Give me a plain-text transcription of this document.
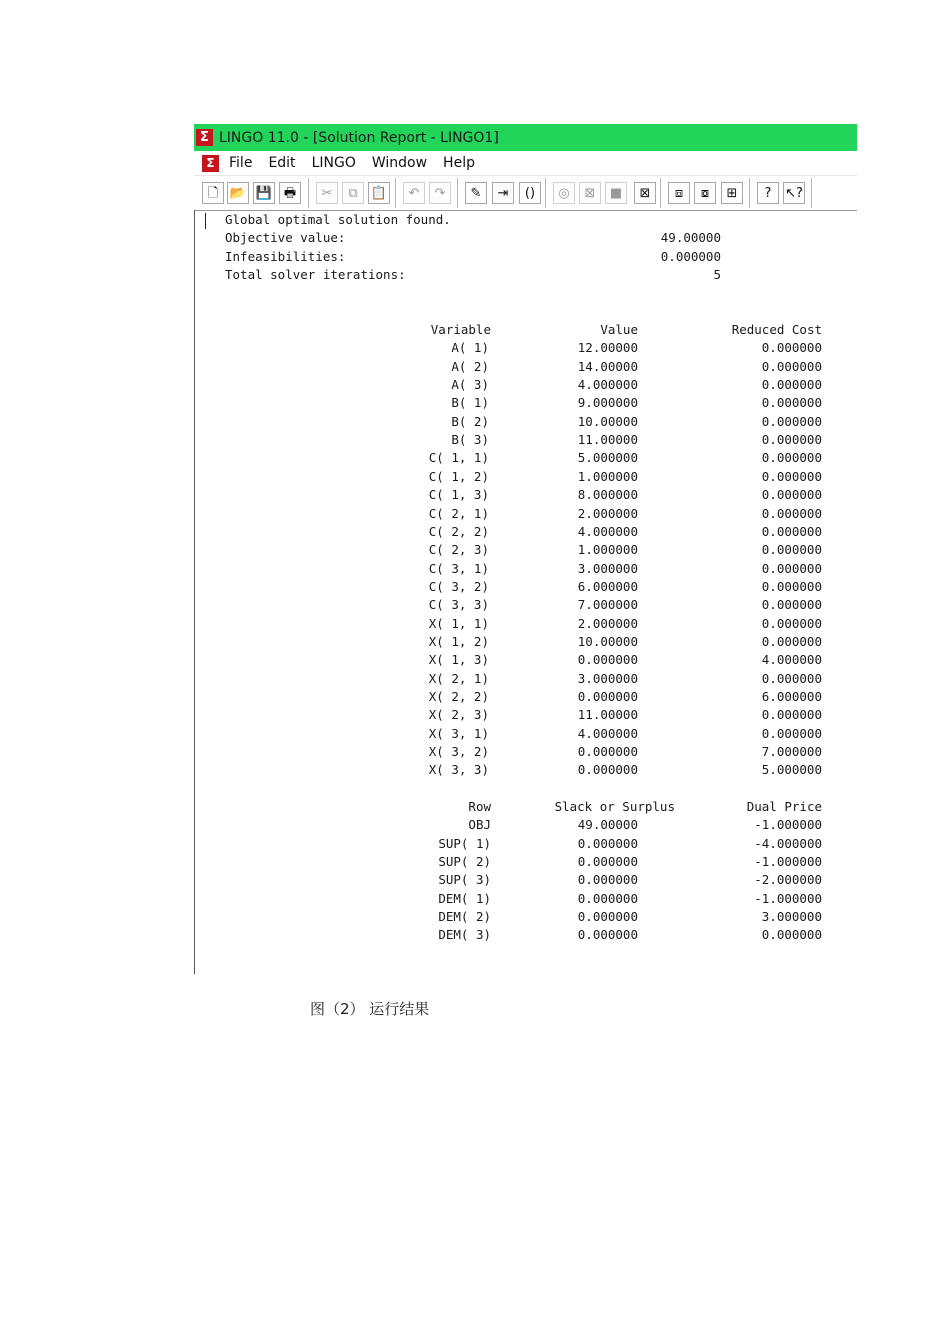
Σ LINGO 11.0 - [Solution Report - LINGO1]
Σ	File Edit LINGO Window Help
🗋 📂 💾 🖶	✂	⧉	📋	↶	↷	✎	⇥	()	◎	⊠	■	⊠	⧈	⧇	⊞	?	↖?
Global optimal solution found.
Objective value:	49.00000
Infeasibilities:	0.000000
Total solver iterations:	5
Variable	Value	Reduced Cost
A( 1)	12.00000	0.000000
A( 2)	14.00000	0.000000
A( 3)	4.000000	0.000000
B( 1)	9.000000	0.000000
B( 2)	10.00000	0.000000
B( 3)	11.00000	0.000000
C( 1, 1)	5.000000	0.000000
C( 1, 2)	1.000000	0.000000
C( 1, 3)	8.000000	0.000000
C( 2, 1)	2.000000	0.000000
C( 2, 2)	4.000000	0.000000
C( 2, 3)	1.000000	0.000000
C( 3, 1)	3.000000	0.000000
C( 3, 2)	6.000000	0.000000
C( 3, 3)	7.000000	0.000000
X( 1, 1)	2.000000	0.000000
X( 1, 2)	10.00000	0.000000
X( 1, 3)	0.000000	4.000000
X( 2, 1)	3.000000	0.000000
X( 2, 2)	0.000000	6.000000
X( 2, 3)	11.00000	0.000000
X( 3, 1)	4.000000	0.000000
X( 3, 2)	0.000000	7.000000
X( 3, 3)	0.000000	5.000000
Row	Slack or Surplus	Dual Price
OBJ	49.00000	-1.000000
SUP( 1)	0.000000	-4.000000
SUP( 2)	0.000000	-1.000000
SUP( 3)	0.000000	-2.000000
DEM( 1)	0.000000	-1.000000
DEM( 2)	0.000000	3.000000
DEM( 3)	0.000000	0.000000
图（2） 运行结果
